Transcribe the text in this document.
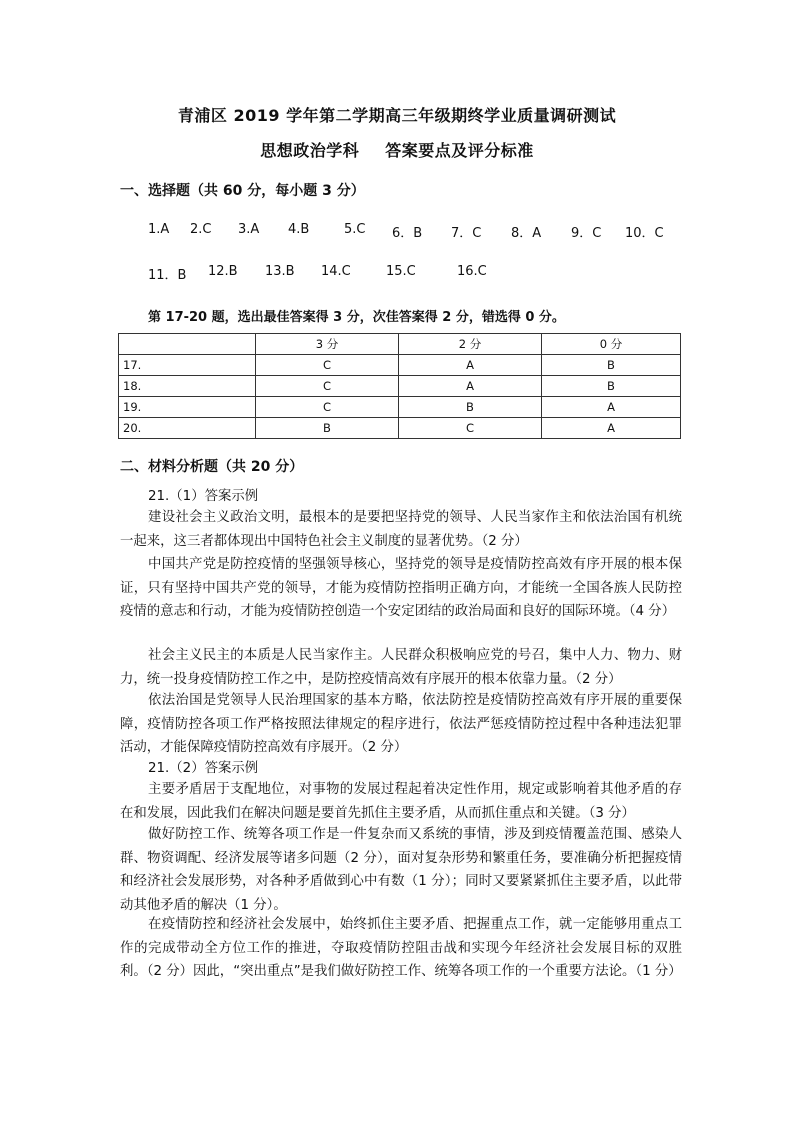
青浦区 2019 学年第二学期高三年级期终学业质量调研测试
思想政治学科 答案要点及评分标准
一、选择题（共 60 分，每小题 3 分）
1.A 2.C 3.A 4.B	5.C 6．B 7．C 8．A 9．C 10．C
11．B 12.B 13.B 14.C	15.C	16.C
第 17-20 题，选出最佳答案得 3 分，次佳答案得 2 分，错选得 0 分。
	3 分	2 分	0 分
17.	C	A	B
18.	C	A	B
19.	C	B	A
20.	B	C	A
二、材料分析题（共 20 分）
21.（1）答案示例
建设社会主义政治文明，最根本的是要把坚持党的领导、人民当家作主和依法治国有机统一起来，这三者都体现出中国特色社会主义制度的显著优势。（2 分）
中国共产党是防控疫情的坚强领导核心，坚持党的领导是疫情防控高效有序开展的根本保证，只有坚持中国共产党的领导，才能为疫情防控指明正确方向，才能统一全国各族人民防控疫情的意志和行动，才能为疫情防控创造一个安定团结的政治局面和良好的国际环境。（4 分）
社会主义民主的本质是人民当家作主。人民群众积极响应党的号召，集中人力、物力、财力，统一投身疫情防控工作之中，是防控疫情高效有序展开的根本依靠力量。（2 分）
依法治国是党领导人民治理国家的基本方略，依法防控是疫情防控高效有序开展的重要保障，疫情防控各项工作严格按照法律规定的程序进行，依法严惩疫情防控过程中各种违法犯罪活动，才能保障疫情防控高效有序展开。（2 分）
21.（2）答案示例
主要矛盾居于支配地位，对事物的发展过程起着决定性作用，规定或影响着其他矛盾的存在和发展，因此我们在解决问题是要首先抓住主要矛盾，从而抓住重点和关键。（3 分）
做好防控工作、统筹各项工作是一件复杂而又系统的事情，涉及到疫情覆盖范围、感染人群、物资调配、经济发展等诸多问题（2 分），面对复杂形势和繁重任务，要准确分析把握疫情和经济社会发展形势，对各种矛盾做到心中有数（1 分）；同时又要紧紧抓住主要矛盾，以此带动其他矛盾的解决（1 分）。
在疫情防控和经济社会发展中，始终抓住主要矛盾、把握重点工作，就一定能够用重点工作的完成带动全方位工作的推进，夺取疫情防控阻击战和实现今年经济社会发展目标的双胜利。（2 分）因此，“突出重点”是我们做好防控工作、统筹各项工作的一个重要方法论。（1 分）
